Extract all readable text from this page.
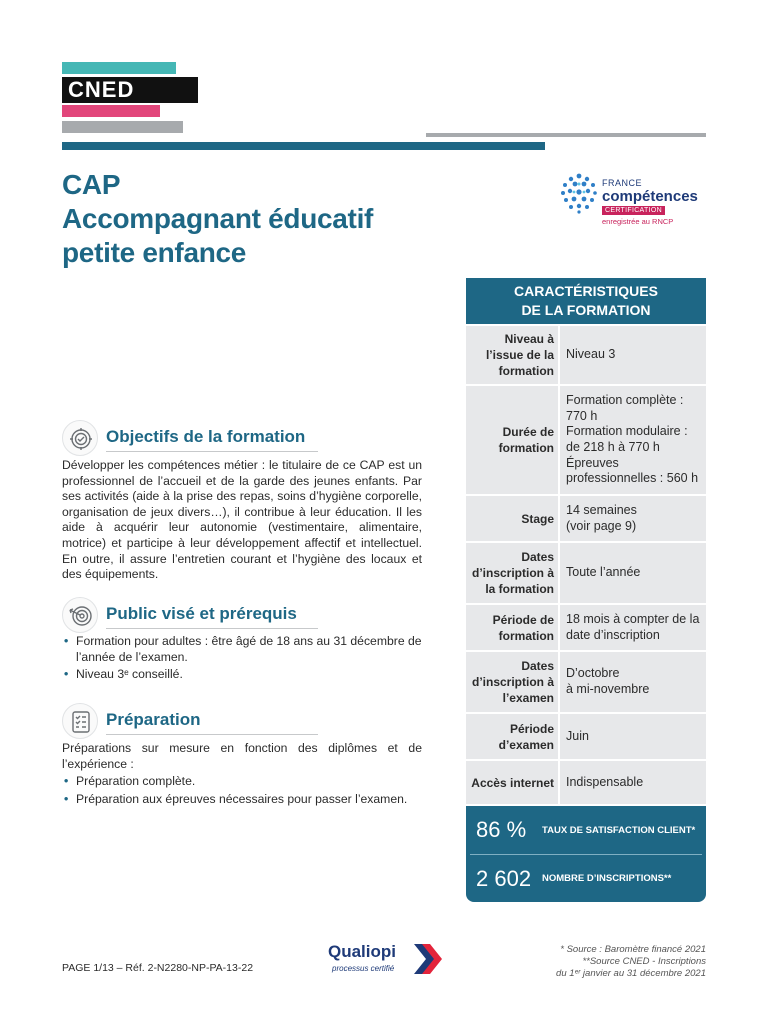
CNED
CAP
Accompagnant éducatif
petite enfance
FRANCE
compétences
CERTIFICATION
enregistrée au RNCP
Objectifs de la formation

Développer les compétences métier : le titulaire de ce CAP est un professionnel de l’accueil et de la garde des jeunes enfants. Par ses activités (aide à la prise des repas, soins d’hygiène corporelle, organisation de jeux divers…), il contribue à leur éducation. Il les aide à acquérir leur autonomie (vestimentaire, alimentaire, motrice) et participe à leur développement affectif et intellectuel. En outre, il assure l’entretien courant et l’hygiène des locaux et des équipements.

Public visé et prérequis
• Formation pour adultes : être âgé de 18 ans au 31 décembre de l’année de l’examen.
• Niveau 3ᵉ conseillé.
Préparation

Préparations sur mesure en fonction des diplômes et de l’expérience :

• Préparation complète.
• Préparation aux épreuves nécessaires pour passer l’examen.
CARACTÉRISTIQUES
DE LA FORMATION
Niveau à l’issue de la formation
Niveau 3
Durée de formation
Formation complète :
770 h
Formation modulaire :
de 218 h à 770 h
Épreuves
professionnelles : 560 h
Stage
14 semaines
(voir page 9)
Dates d’inscription à la formation
Toute l’année
Période de formation
18 mois à compter de la
date d’inscription
Dates d’inscription à l’examen
D’octobre
à mi-novembre
Période d’examen
Juin
Accès internet Indispensable
86 %	TAUX DE SATISFACTION CLIENT*
2 602	NOMBRE D’INSCRIPTIONS**
PAGE 1/13 – Réf. 2-N2280-NP-PA-13-22
Qualiopi
processus certifié
* Source : Baromètre financé 2021
**Source CNED - Inscriptions
du 1ᵉʳ janvier au 31 décembre 2021
